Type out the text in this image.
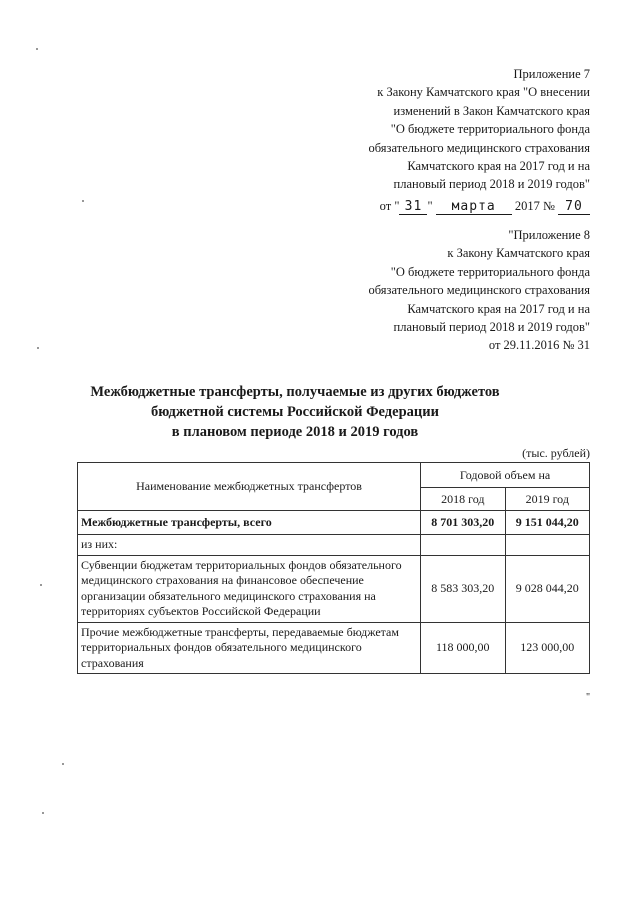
Приложение 7
к Закону Камчатского края "О внесении
изменений в Закон Камчатского края
"О бюджете территориального фонда
обязательного медицинского страхования
Камчатского края на 2017 год и на
плановый период 2018 и 2019 годов"
от " 31 " марта 2017 № 70
"Приложение 8
к Закону Камчатского края
"О бюджете территориального фонда
обязательного медицинского страхования
Камчатского края на 2017 год и на
плановый период 2018 и 2019 годов"
от 29.11.2016 № 31
Межбюджетные трансферты, получаемые из других бюджетов
бюджетной системы Российской Федерации
в плановом периоде 2018 и 2019 годов
(тыс. рублей)
Наименование межбюджетных трансфертов	Годовой объем на	
	2018 год	2019 год
Межбюджетные трансферты, всего	8 701 303,20	9 151 044,20
из них:		
Субвенции бюджетам территориальных фондов обязательного медицинского страхования на финансовое обеспечение организации обязательного медицинского страхования на территориях субъектов Российской Федерации	8 583 303,20	9 028 044,20
Прочие межбюджетные трансферты, передаваемые бюджетам территориальных фондов обязательного медицинского страхования	118 000,00	123 000,00
"
